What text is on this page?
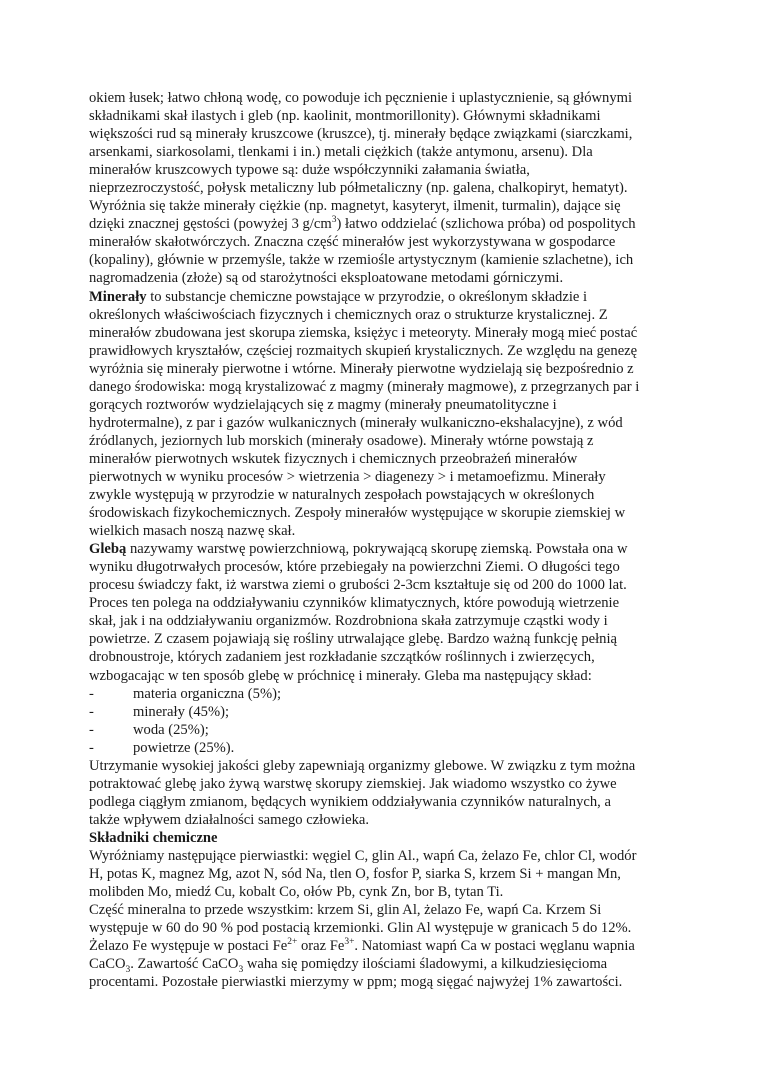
okiem łusek; łatwo chłoną wodę, co powoduje ich pęcznienie i uplastycznienie, są głównymi
składnikami skał ilastych i gleb (np. kaolinit, montmorillonity). Głównymi składnikami
większości rud są minerały kruszcowe (kruszce), tj. minerały będące związkami (siarczkami,
arsenkami, siarkosolami, tlenkami i in.) metali ciężkich (także antymonu, arsenu). Dla
minerałów kruszcowych typowe są: duże współczynniki załamania światła,
nieprzezroczystość, połysk metaliczny lub półmetaliczny (np. galena, chalkopiryt, hematyt).
Wyróżnia się także minerały ciężkie (np. magnetyt, kasyteryt, ilmenit, turmalin), dające się
dzięki znacznej gęstości (powyżej 3 $g/cm^3$) łatwo oddzielać (szlichowa próba) od pospolitych
minerałów skałotwórczych. Znaczna część minerałów jest wykorzystywana w gospodarce
(kopaliny), głównie w przemyśle, także w rzemiośle artystycznym (kamienie szlachetne), ich
nagromadzenia (złoże) są od starożytności eksploatowane metodami górniczymi.
Minerały to substancje chemiczne powstające w przyrodzie, o określonym składzie i
określonych właściwościach fizycznych i chemicznych oraz o strukturze krystalicznej. Z
minerałów zbudowana jest skorupa ziemska, księżyc i meteoryty. Minerały mogą mieć postać
prawidłowych kryształów, częściej rozmaitych skupień krystalicznych. Ze względu na genezę
wyróżnia się minerały pierwotne i wtórne. Minerały pierwotne wydzielają się bezpośrednio z
danego środowiska: mogą krystalizować z magmy (minerały magmowe), z przegrzanych par i
gorących roztworów wydzielających się z magmy (minerały pneumatolityczne i
hydrotermalne), z par i gazów wulkanicznych (minerały wulkaniczno-ekshalacyjne), z wód
źródlanych, jeziornych lub morskich (minerały osadowe). Minerały wtórne powstają z
minerałów pierwotnych wskutek fizycznych i chemicznych przeobrażeń minerałów
pierwotnych w wyniku procesów > wietrzenia > diagenezy > i metamoefizmu. Minerały
zwykle występują w przyrodzie w naturalnych zespołach powstających w określonych
środowiskach fizykochemicznych. Zespoły minerałów występujące w skorupie ziemskiej w
wielkich masach noszą nazwę skał.
Glebą nazywamy warstwę powierzchniową, pokrywającą skorupę ziemską. Powstała ona w
wyniku długotrwałych procesów, które przebiegały na powierzchni Ziemi. O długości tego
procesu świadczy fakt, iż warstwa ziemi o grubości 2-3cm kształtuje się od 200 do 1000 lat.
Proces ten polega na oddziaływaniu czynników klimatycznych, które powodują wietrzenie
skał, jak i na oddziaływaniu organizmów. Rozdrobniona skała zatrzymuje cząstki wody i
powietrze. Z czasem pojawiają się rośliny utrwalające glebę. Bardzo ważną funkcję pełnią
drobnoustroje, których zadaniem jest rozkładanie szczątków roślinnych i zwierzęcych,
wzbogacając w ten sposób glebę w próchnicę i minerały. Gleba ma następujący skład:
-	materia organiczna (5%);
-	minerały (45%);
-	woda (25%);
-	powietrze (25%).
Utrzymanie wysokiej jakości gleby zapewniają organizmy glebowe. W związku z tym można
potraktować glebę jako żywą warstwę skorupy ziemskiej. Jak wiadomo wszystko co żywe
podlega ciągłym zmianom, będących wynikiem oddziaływania czynników naturalnych, a
także wpływem działalności samego człowieka.
Składniki chemiczne
Wyróżniamy następujące pierwiastki: węgiel C, glin Al., wapń Ca, żelazo Fe, chlor Cl, wodór
H, potas K, magnez Mg, azot N, sód Na, tlen O, fosfor P, siarka S, krzem Si + mangan Mn,
molibden Mo, miedź Cu, kobalt Co, ołów Pb, cynk Zn, bor B, tytan Ti.
Część mineralna to przede wszystkim: krzem Si, glin Al, żelazo Fe, wapń Ca. Krzem Si
występuje w 60 do 90 % pod postacią krzemionki. Glin Al występuje w granicach 5 do 12%.
Żelazo Fe występuje w postaci $Fe^{2+}$ oraz $Fe^{3+}$. Natomiast wapń Ca w postaci węglanu wapnia
CaCO$_3$. Zawartość CaCO$_3$ waha się pomiędzy ilościami śladowymi, a kilkudziesięcioma
procentami. Pozostałe pierwiastki mierzymy w ppm; mogą sięgać najwyżej 1% zawartości.
